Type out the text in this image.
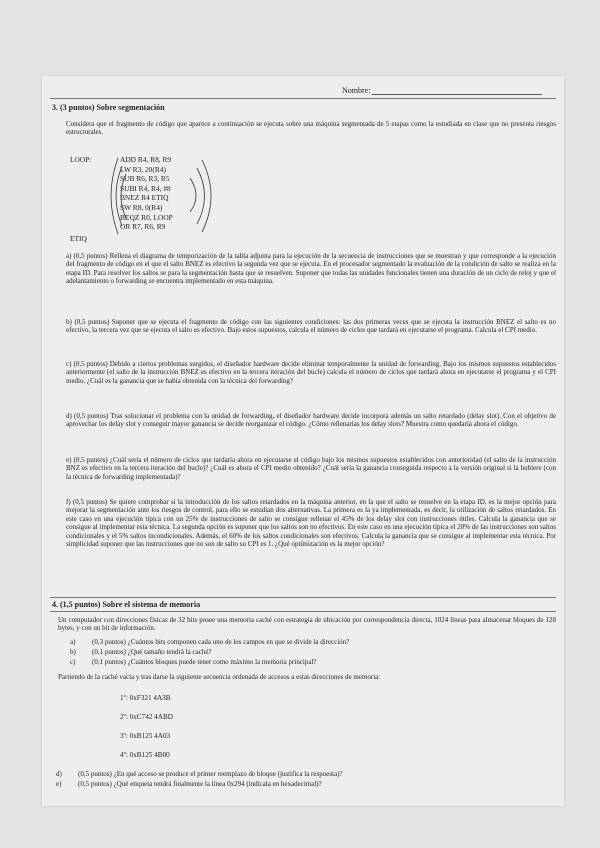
Nombre:
3. (3 puntos) Sobre segmentación
Considera que el fragmento de código que aparece a continuación se ejecuta sobre una máquina segmentada de 5 etapas como la estudiada en clase que no presenta riesgos estructurales.
LOOP:
ETIQ
ADD R4, R8, R9
LW R3, 20(R4)
SUB R6, R3, R5
SUBI R4, R4, #8
BNEZ R4 ETIQ
SW R8, 0(R4)
BEQZ R0, LOOP
OR R7, R6, R9
a) (0,5 puntos) Rellena el diagrama de temporización de la tabla adjunta para la ejecución de la secuencia de instrucciones que se muestran y que corresponde a la ejecución del fragmento de código en el que el salto BNEZ es efectivo la segunda vez que se ejecuta. En el procesador segmentado la evaluación de la condición de salto se realiza en la etapa ID. Para resolver los saltos se para la segmentación hasta que se resuelven. Suponer que todas las unidades funcionales tienen una duración de un ciclo de reloj y que el adelantamiento o forwarding se encuentra implementado en esta máquina.
b) (0,5 puntos) Suponer que se ejecuta el fragmento de código con las siguientes condiciones: las dos primeras veces que se ejecuta la instrucción BNEZ el salto es no efectivo, la tercera vez que se ejecuta el salto es efectivo. Bajo estos supuestos, calcula el número de ciclos que tardará en ejecutarse el programa. Calcula el CPI medio.
c) (0,5 puntos) Debido a ciertos problemas surgidos, el diseñador hardware decide eliminar temporalmente la unidad de forwarding. Bajo los mismos supuestos establecidos anteriormente (el salto de la instrucción BNEZ es efectivo en la tercera iteración del bucle) calcula el número de ciclos que tardará ahora en ejecutarse el programa y el CPI medio. ¿Cuál es la ganancia que se había obtenida con la técnica del forwarding?
d) (0,5 puntos) Tras solucionar el problema con la unidad de forwarding, el diseñador hardware decide incorpora además un salto retardado (delay slot). Con el objetivo de aprovechar los delay slot y conseguir mayor ganancia se decide reorganizar el código. ¿Cómo rellenarías los delay slots? Muestra como quedaría ahora el código.
e) (0,5 puntos) ¿Cuál sería el número de ciclos que tardaría ahora en ejecutarse el código bajo los mismos supuestos establecidos con anterioridad (el salto de la instrucción BNZ es efectivo en la tercera iteración del bucle)? ¿Cuál es ahora el CPI medio obtenido? ¿Cuál sería la ganancia conseguida respecto a la versión original si la hubiere (con la técnica de forwarding implementada)?
f) (0,5 puntos) Se quiere comprobar si la introducción de los saltos retardados en la máquina anterior, en la que el salto se resuelve en la etapa ID, es la mejor opción para mejorar la segmentación ante los riesgos de control, para ello se estudian dos alternativas. La primera es la ya implementada, es decir, la utilización de saltos retardados. En este caso en una ejecución típica con un 25% de instrucciones de salto se consigue rellenar el 45% de los delay slot con instrucciones útiles. Calcula la ganancia que se consigue al implementar esta técnica. La segunda opción es suponer que los saltos son no efectivos. En este caso en una ejecución típica el 20% de las instrucciones son saltos condicionales y el 5% saltos incondicionales. Además, el 60% de los saltos condicionales son efectivos. Calcula la ganancia que se consigue al implementar esta técnica. Por simplicidad suponer que las instrucciones que no son de salto su CPI es 1. ¿Qué optimización es la mejor opción?
4. (1,5 puntos) Sobre el sistema de memoria
Un computador con direcciones físicas de 32 bits posee una memoria caché con estrategia de ubicación por correspondencia directa, 1024 líneas para almacenar bloques de 128 bytes, y con un bit de información.
a) (0,3 puntos) ¿Cuántos bits componen cada uno de los campos en que se divide la dirección?
b) (0,1 puntos) ¿Qué tamaño tendrá la caché?
c) (0,1 puntos) ¿Cuántos bloques puede tener como máximo la memoria principal?
Partiendo de la caché vacía y tras darse la siguiente secuencia ordenada de accesos a estas direcciones de memoria:
1º: 0xF321 4A3B
2º: 0xC742 4ABD
3º: 0xB125 4A03
4º: 0xB125 4B00
d) (0,5 puntos) ¿En qué acceso se produce el primer reemplazo de bloque (justifica la respuesta)?
e) (0,5 puntos) ¿Qué etiqueta tendrá finalmente la línea 0x294 (indícala en hexadecimal)?
